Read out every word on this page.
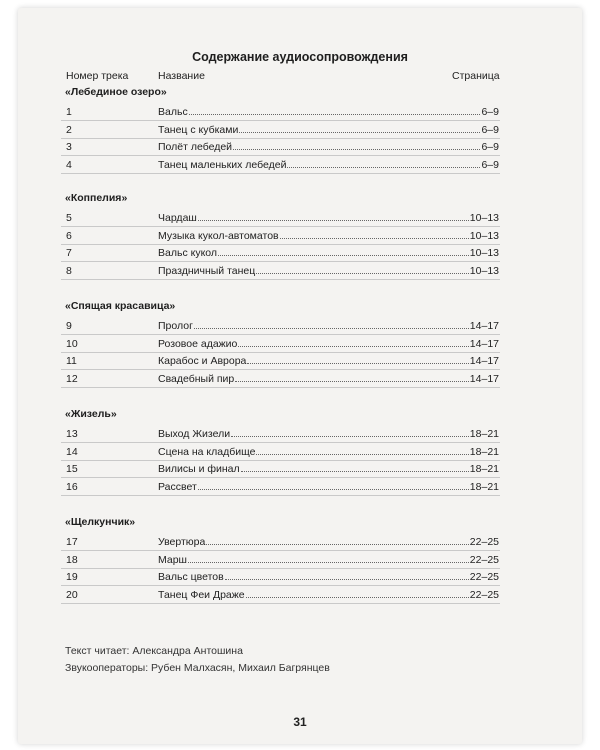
Содержание аудиосопровождения
Номер трека	Название	Страница
«Лебединое озеро»
1	Вальс	6–9
2	Танец с кубками	6–9
3	Полёт лебедей	6–9
4	Танец маленьких лебедей	6–9
«Коппелия»
5	Чардаш	10–13
6	Музыка кукол-автоматов	10–13
7	Вальс кукол	10–13
8	Праздничный танец	10–13
«Спящая красавица»
9	Пролог	14–17
10	Розовое адажио	14–17
11	Карабос и Аврора	14–17
12	Свадебный пир	14–17
«Жизель»
13	Выход Жизели	18–21
14	Сцена на кладбище	18–21
15	Вилисы и финал	18–21
16	Рассвет	18–21
«Щелкунчик»
17	Увертюра	22–25
18	Марш	22–25
19	Вальс цветов	22–25
20	Танец Феи Драже	22–25
Текст читает: Александра Антошина
Звукооператоры: Рубен Малхасян, Михаил Багрянцев
31
